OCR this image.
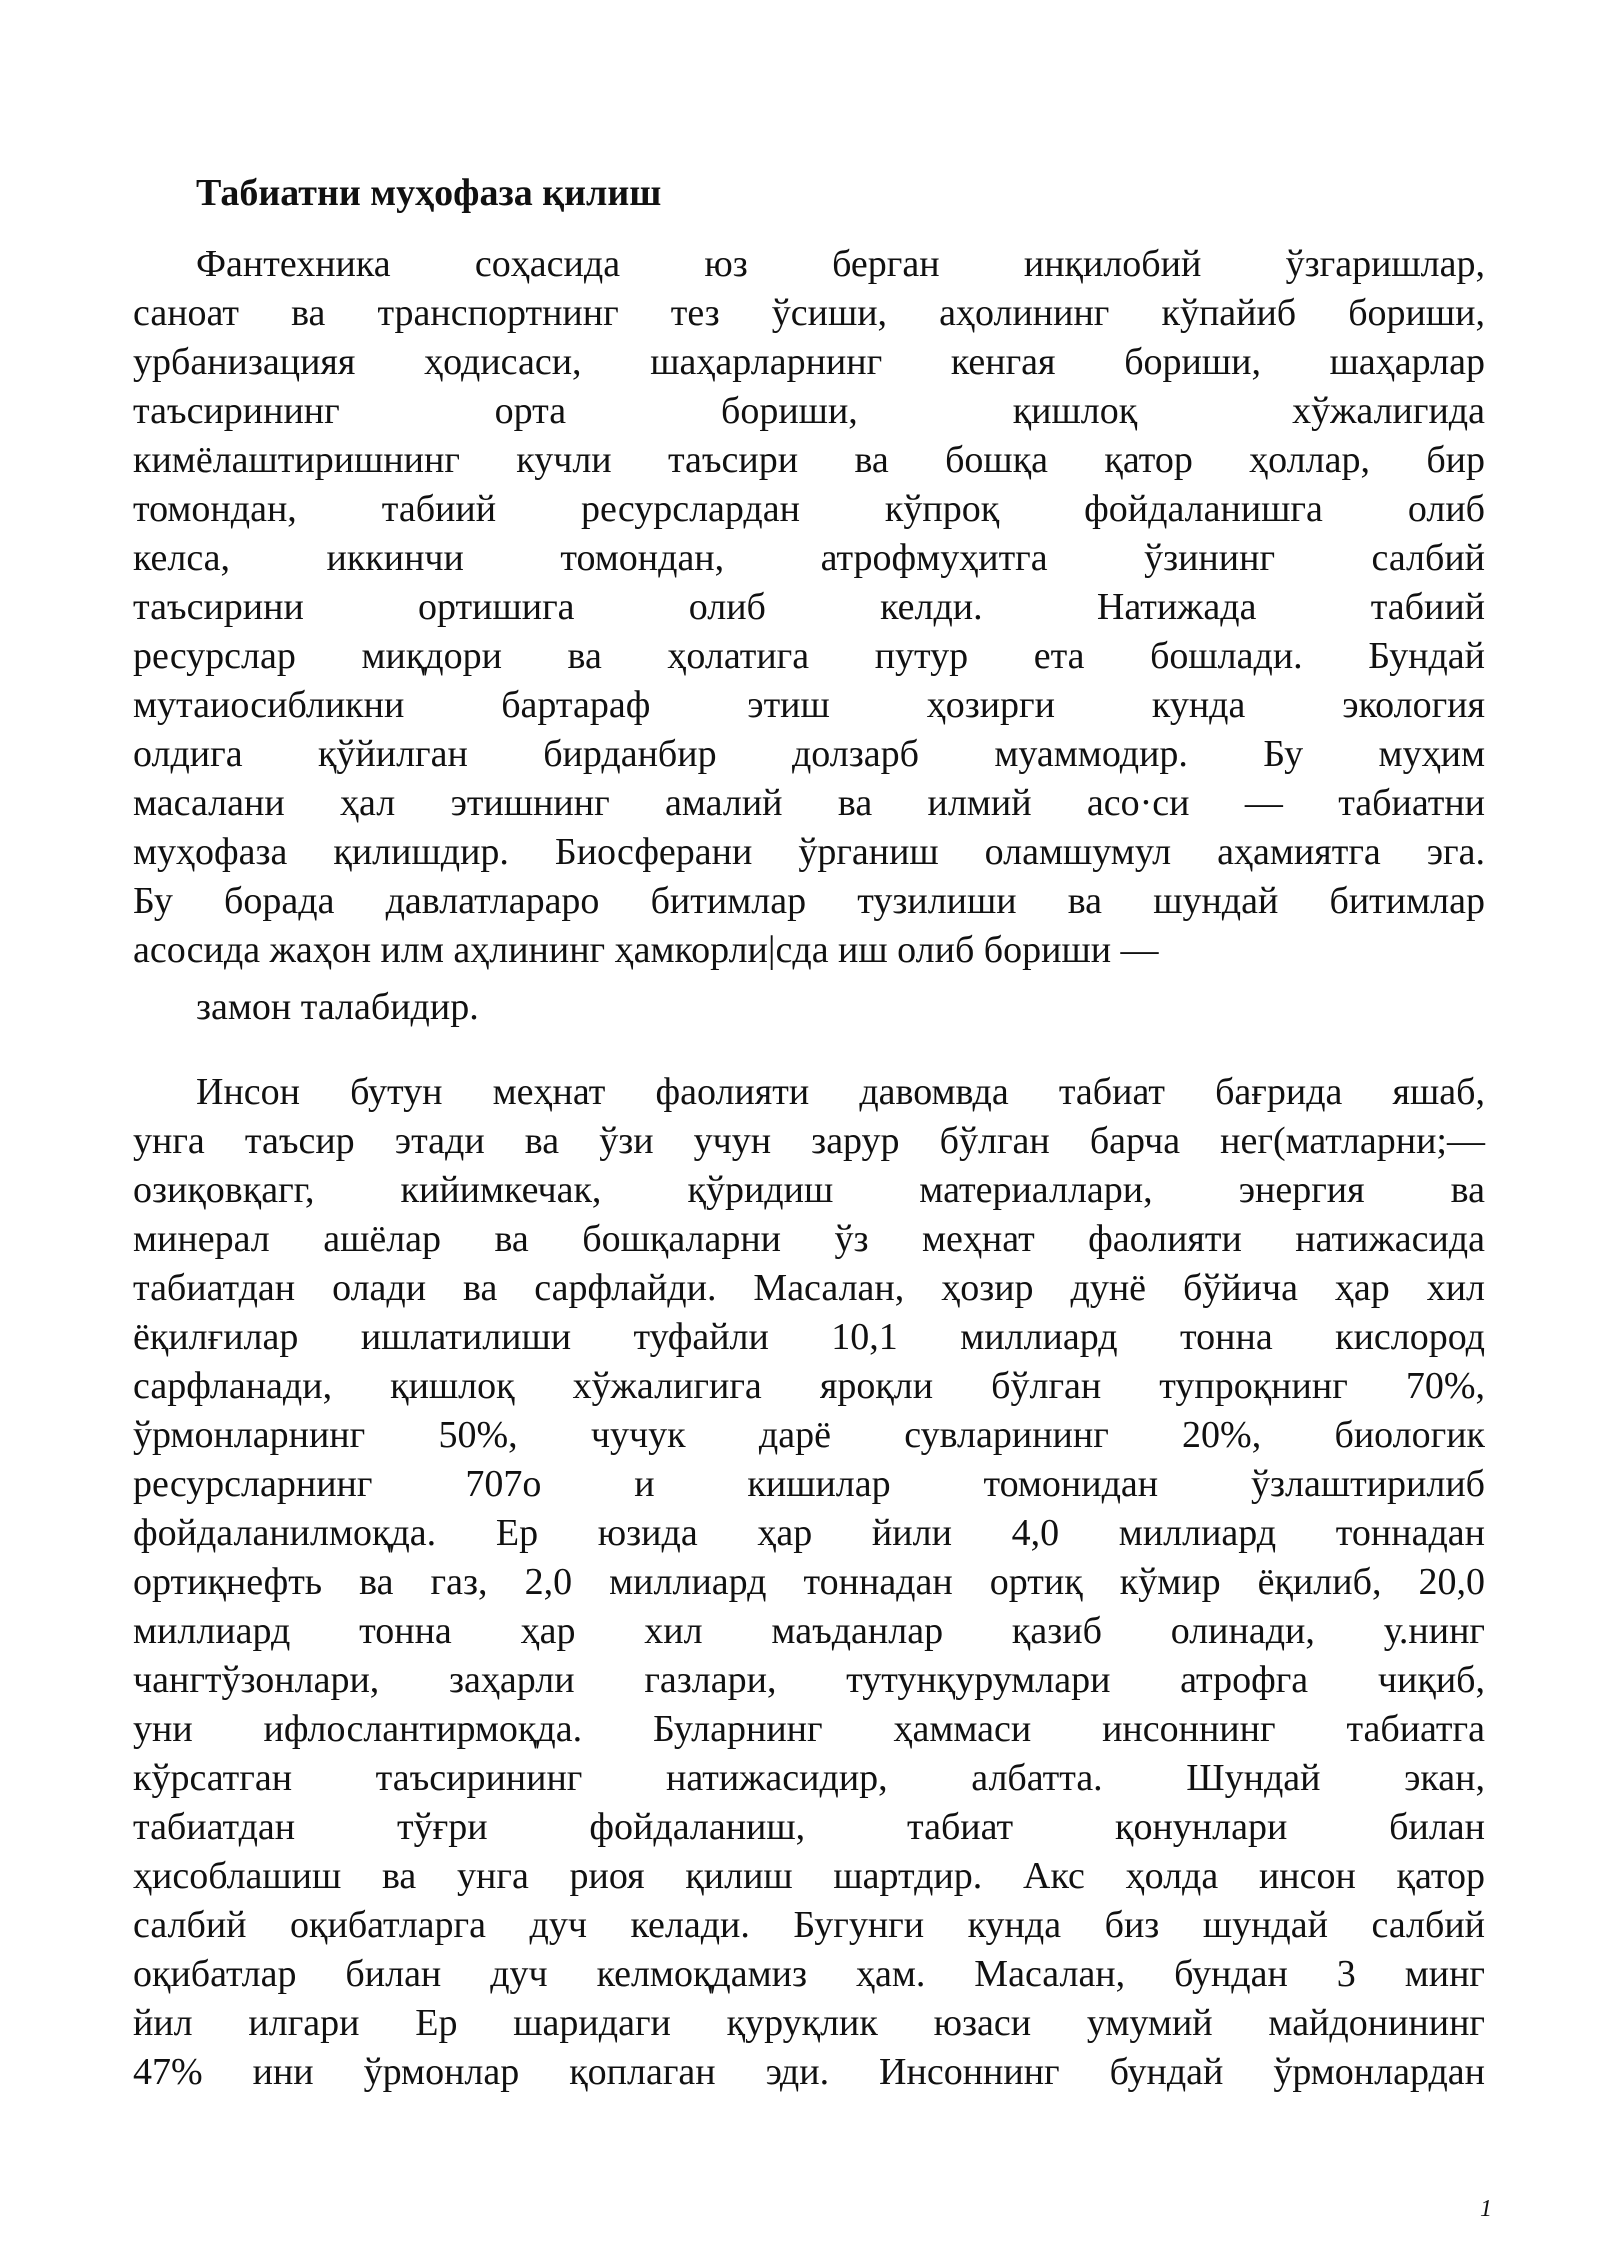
Табиатни муҳофаза қилиш

Фантехника соҳасида юз берган инқилобий ўзгаришлар,

саноат ва транспортнинг тез ўсиши, аҳолининг кўпайиб бориши,

урбанизацияя ҳодисаси, шаҳарларнинг кенгая бориши, шаҳарлар

таъсирининг орта бориши, қишлоқ хўжалигида

кимёлаштиришнинг кучли таъсири ва бошқа қатор ҳоллар, бир

томондан, табиий ресурслардан кўпроқ фойдаланишга олиб

келса, иккинчи томондан, атрофмуҳитга ўзининг салбий

таъсирини ортишига олиб келди. Натижада табиий

ресурслар миқдори ва ҳолатига путур ета бошлади. Бундай

мутаиосибликни бартараф этиш ҳозирги кунда экология

олдига қўйилган бирданбир долзарб муаммодир. Бу муҳим

масалани ҳал этишнинг амалий ва илмий асо·си — табиатни

муҳофаза қилишдир. Биосферани ўрганиш оламшумул аҳамиятга эга.

Бу борада давлатлараро битимлар тузилиши ва шундай битимлар

асосида жаҳон илм аҳлининг ҳамкорли|сда иш олиб бориши —

замон талабидир.

Инсон бутун меҳнат фаолияти давомвда табиат бағрида яшаб,

унга таъсир этади ва ўзи учун зарур бўлган барча нег(матларни;—

озиқовқагг, кийимкечак, қўридиш материаллари, энергия ва

минерал ашёлар ва бошқаларни ўз меҳнат фаолияти натижасида

табиатдан олади ва сарфлайди. Масалан, ҳозир дунё бўйича ҳар хил

ёқилғилар ишлатилиши туфайли 10,1 миллиард тонна кислород

сарфланади, қишлоқ хўжалигига яроқли бўлган тупроқнинг 70%,

ўрмонларнинг 50%, чучук дарё сувларининг 20%, биологик

ресурсларнинг 707о и кишилар томонидан ўзлаштирилиб

фойдаланилмоқда. Ер юзида ҳар йили 4,0 миллиард тоннадан

ортиқнефть ва газ, 2,0 миллиард тоннадан ортиқ кўмир ёқилиб, 20,0

миллиард тонна ҳар хил маъданлар қазиб олинади, у.нинг

чангтўзонлари, заҳарли газлари, тутунқурумлари атрофга чиқиб,

уни ифлослантирмоқда. Буларнинг ҳаммаси инсоннинг табиатга

кўрсатган таъсирининг натижасидир, албатта. Шундай экан,

табиатдан тўғри фойдаланиш, табиат қонунлари билан

ҳисоблашиш ва унга риоя қилиш шартдир. Акс ҳолда инсон қатор

салбий оқибатларга дуч келади. Бугунги кунда биз шундай салбий

оқибатлар билан дуч келмоқдамиз ҳам. Масалан, бундан 3 минг

йил илгари Ер шаридаги қуруқлик юзаси умумий майдонининг

47% ини ўрмонлар қоплаган эди. Инсоннинг бундай ўрмонлардан

1
